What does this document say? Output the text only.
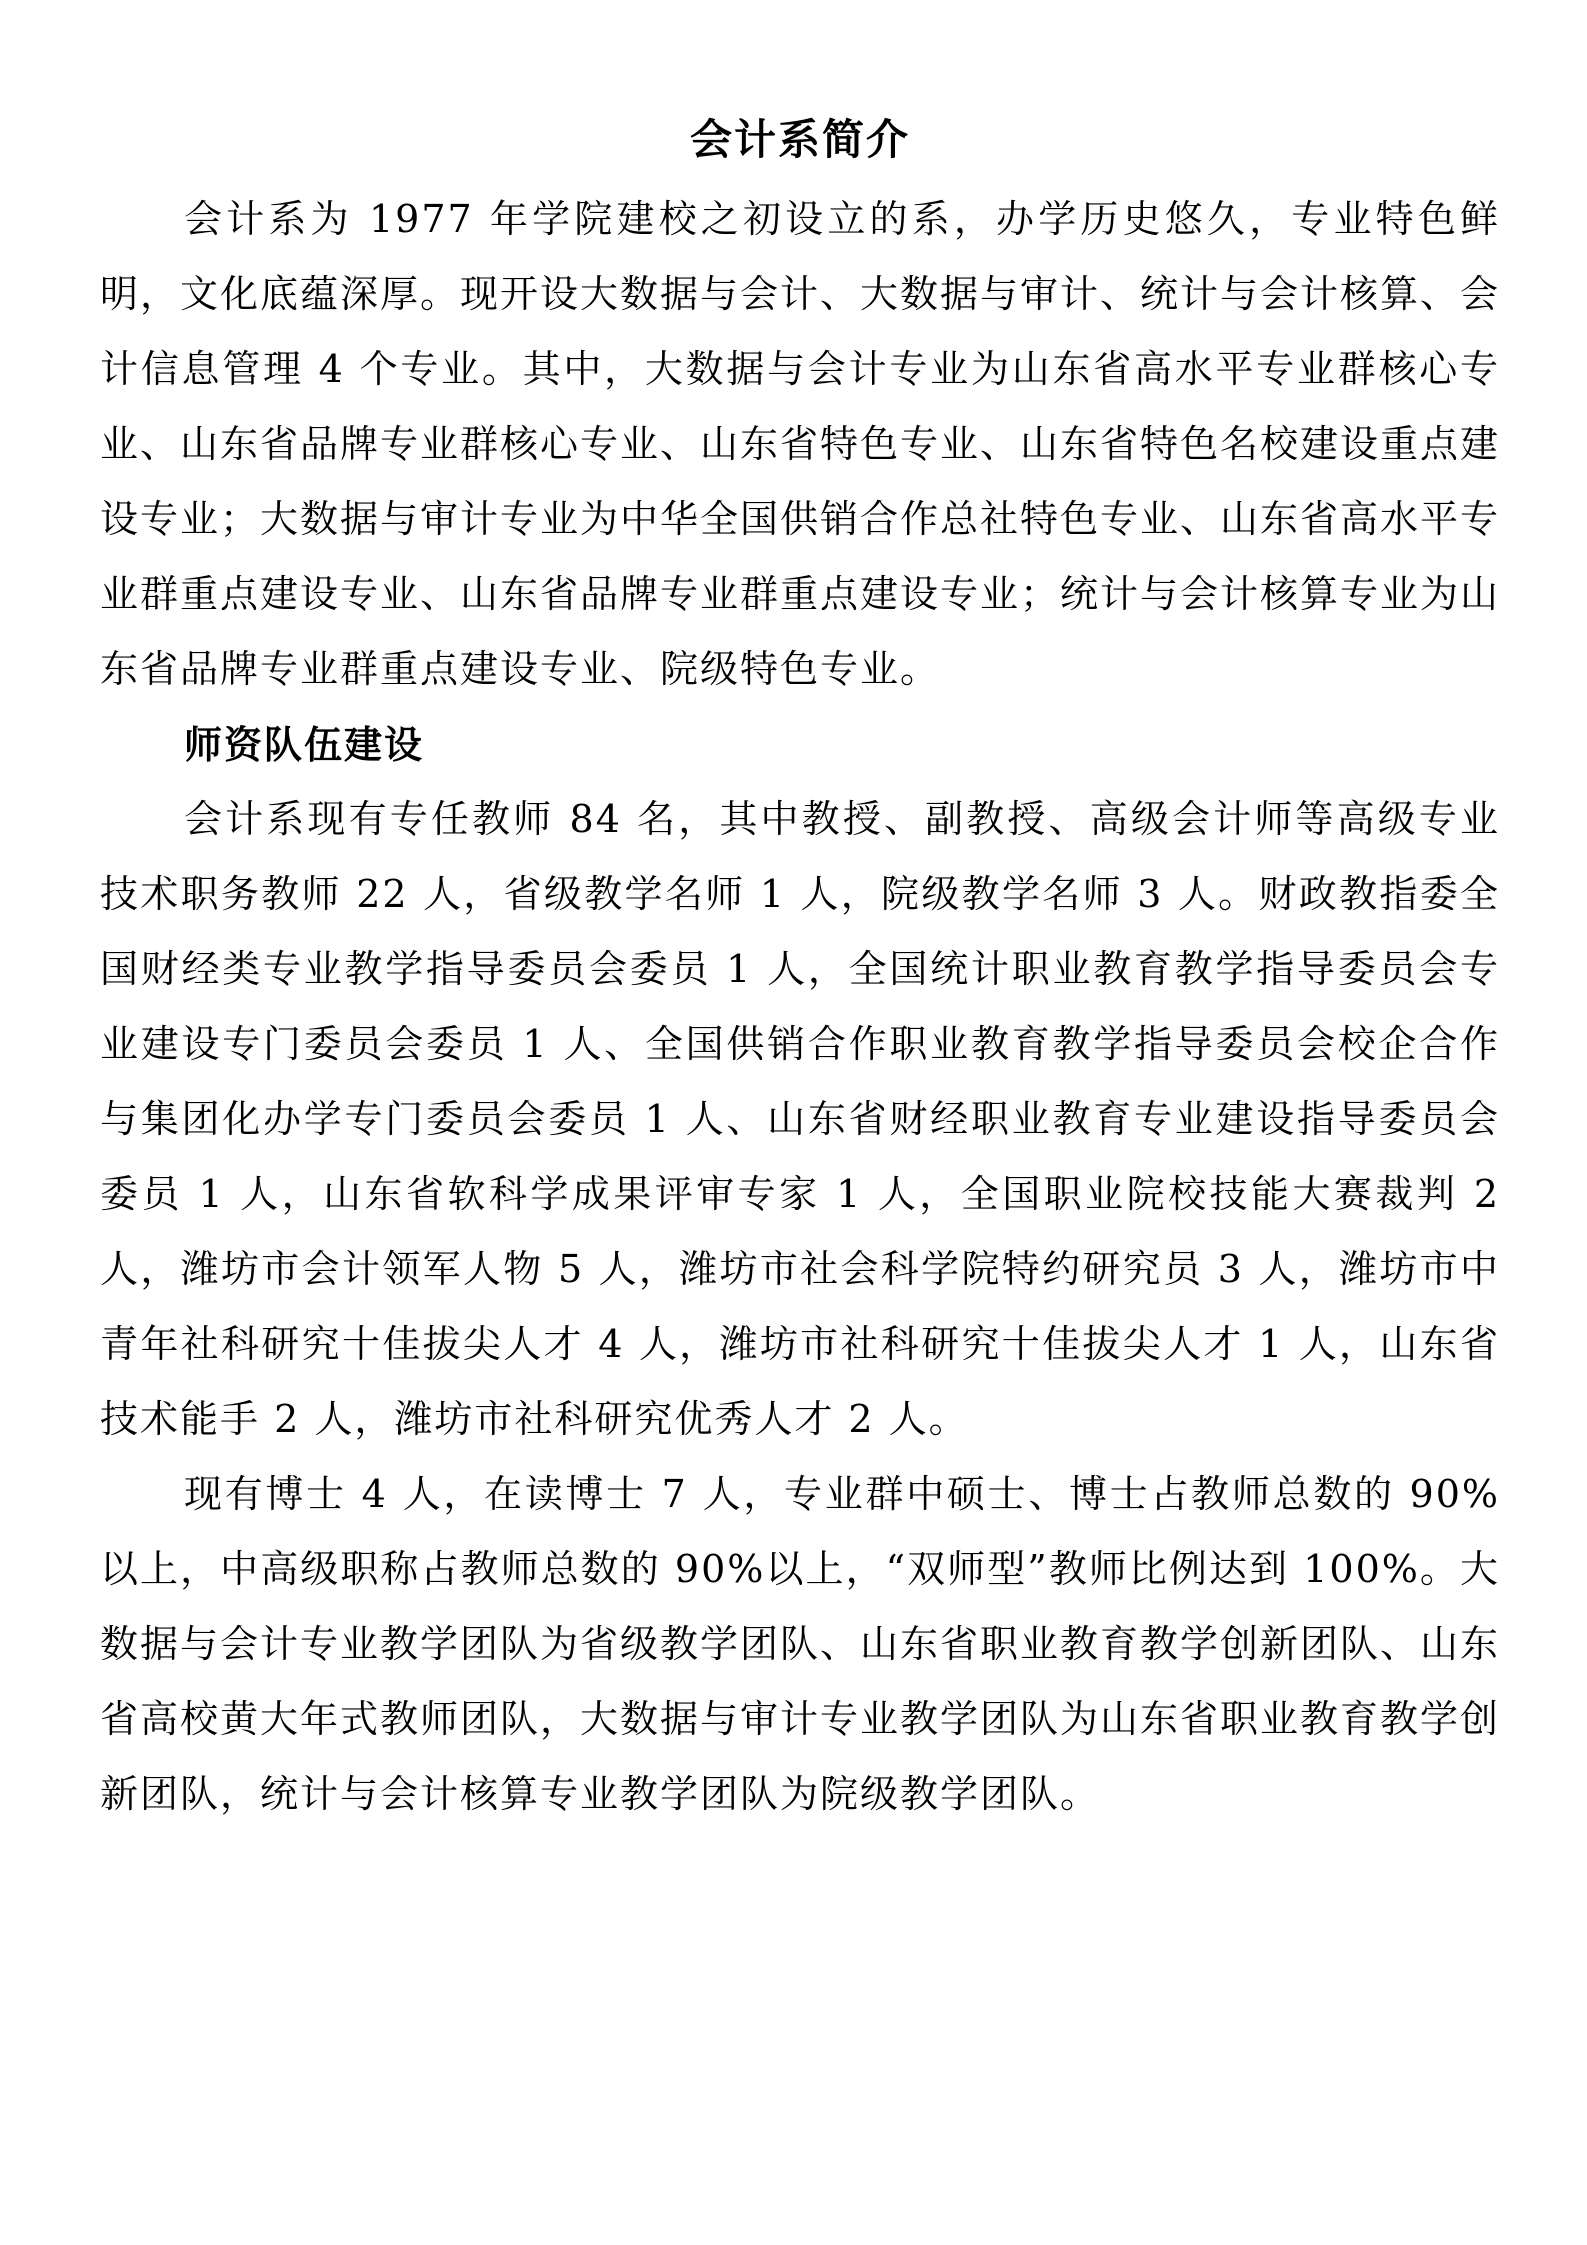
会计系简介

会计系为 1977 年学院建校之初设立的系，办学历史悠久，专业特色鲜明，文化底蕴深厚。现开设大数据与会计、大数据与审计、统计与会计核算、会计信息管理 4 个专业。其中，大数据与会计专业为山东省高水平专业群核心专业、山东省品牌专业群核心专业、山东省特色专业、山东省特色名校建设重点建设专业；大数据与审计专业为中华全国供销合作总社特色专业、山东省高水平专业群重点建设专业、山东省品牌专业群重点建设专业；统计与会计核算专业为山东省品牌专业群重点建设专业、院级特色专业。

师资队伍建设

会计系现有专任教师 84 名，其中教授、副教授、高级会计师等高级专业技术职务教师 22 人，省级教学名师 1 人，院级教学名师 3 人。财政教指委全国财经类专业教学指导委员会委员 1 人，全国统计职业教育教学指导委员会专业建设专门委员会委员 1 人、全国供销合作职业教育教学指导委员会校企合作与集团化办学专门委员会委员 1 人、山东省财经职业教育专业建设指导委员会委员 1 人，山东省软科学成果评审专家 1 人，全国职业院校技能大赛裁判 2 人，潍坊市会计领军人物 5 人，潍坊市社会科学院特约研究员 3 人，潍坊市中青年社科研究十佳拔尖人才 4 人，潍坊市社科研究十佳拔尖人才 1 人，山东省技术能手 2 人，潍坊市社科研究优秀人才 2 人。

现有博士 4 人，在读博士 7 人，专业群中硕士、博士占教师总数的 90%以上，中高级职称占教师总数的 90%以上，“双师型”教师比例达到 100%。大数据与会计专业教学团队为省级教学团队、山东省职业教育教学创新团队、山东省高校黄大年式教师团队，大数据与审计专业教学团队为山东省职业教育教学创新团队，统计与会计核算专业教学团队为院级教学团队。
